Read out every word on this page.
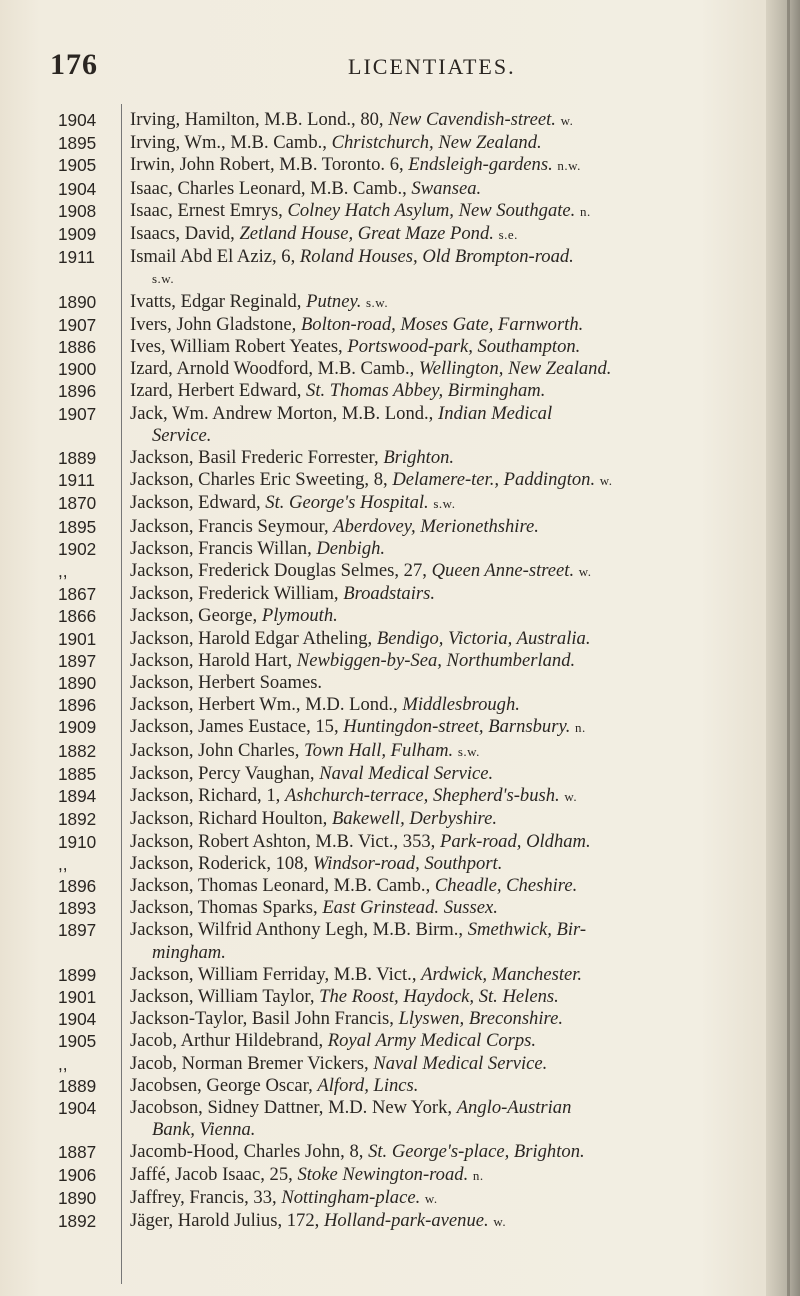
176	LICENTIATES.
1904	Irving, Hamilton, M.B. Lond., 80, New Cavendish-street. w.
1895	Irving, Wm., M.B. Camb., Christchurch, New Zealand.
1905	Irwin, John Robert, M.B. Toronto. 6, Endsleigh-gardens. n.w.
1904	Isaac, Charles Leonard, M.B. Camb., Swansea.
1908	Isaac, Ernest Emrys, Colney Hatch Asylum, New Southgate. n.
1909	Isaacs, David, Zetland House, Great Maze Pond. s.e.
1911	Ismail Abd El Aziz, 6, Roland Houses, Old Brompton-road.
s.w.
1890	Ivatts, Edgar Reginald, Putney. s.w.
1907	Ivers, John Gladstone, Bolton-road, Moses Gate, Farnworth.
1886	Ives, William Robert Yeates, Portswood-park, Southampton.
1900	Izard, Arnold Woodford, M.B. Camb., Wellington, New Zealand.
1896	Izard, Herbert Edward, St. Thomas Abbey, Birmingham.
1907	Jack, Wm. Andrew Morton, M.B. Lond., Indian Medical
Service.
1889	Jackson, Basil Frederic Forrester, Brighton.
1911	Jackson, Charles Eric Sweeting, 8, Delamere-ter., Paddington. w.
1870	Jackson, Edward, St. George's Hospital. s.w.
1895	Jackson, Francis Seymour, Aberdovey, Merionethshire.
1902	Jackson, Francis Willan, Denbigh.
,,	Jackson, Frederick Douglas Selmes, 27, Queen Anne-street. w.
1867	Jackson, Frederick William, Broadstairs.
1866	Jackson, George, Plymouth.
1901	Jackson, Harold Edgar Atheling, Bendigo, Victoria, Australia.
1897	Jackson, Harold Hart, Newbiggen-by-Sea, Northumberland.
1890	Jackson, Herbert Soames.
1896	Jackson, Herbert Wm., M.D. Lond., Middlesbrough.
1909	Jackson, James Eustace, 15, Huntingdon-street, Barnsbury. n.
1882	Jackson, John Charles, Town Hall, Fulham. s.w.
1885	Jackson, Percy Vaughan, Naval Medical Service.
1894	Jackson, Richard, 1, Ashchurch-terrace, Shepherd's-bush. w.
1892	Jackson, Richard Houlton, Bakewell, Derbyshire.
1910	Jackson, Robert Ashton, M.B. Vict., 353, Park-road, Oldham.
,,	Jackson, Roderick, 108, Windsor-road, Southport.
1896	Jackson, Thomas Leonard, M.B. Camb., Cheadle, Cheshire.
1893	Jackson, Thomas Sparks, East Grinstead. Sussex.
1897	Jackson, Wilfrid Anthony Legh, M.B. Birm., Smethwick, Bir-
mingham.
1899	Jackson, William Ferriday, M.B. Vict., Ardwick, Manchester.
1901	Jackson, William Taylor, The Roost, Haydock, St. Helens.
1904	Jackson-Taylor, Basil John Francis, Llyswen, Breconshire.
1905	Jacob, Arthur Hildebrand, Royal Army Medical Corps.
,,	Jacob, Norman Bremer Vickers, Naval Medical Service.
1889	Jacobsen, George Oscar, Alford, Lincs.
1904	Jacobson, Sidney Dattner, M.D. New York, Anglo-Austrian
Bank, Vienna.
1887	Jacomb-Hood, Charles John, 8, St. George's-place, Brighton.
1906	Jaffé, Jacob Isaac, 25, Stoke Newington-road. n.
1890	Jaffrey, Francis, 33, Nottingham-place. w.
1892	Jäger, Harold Julius, 172, Holland-park-avenue. w.
